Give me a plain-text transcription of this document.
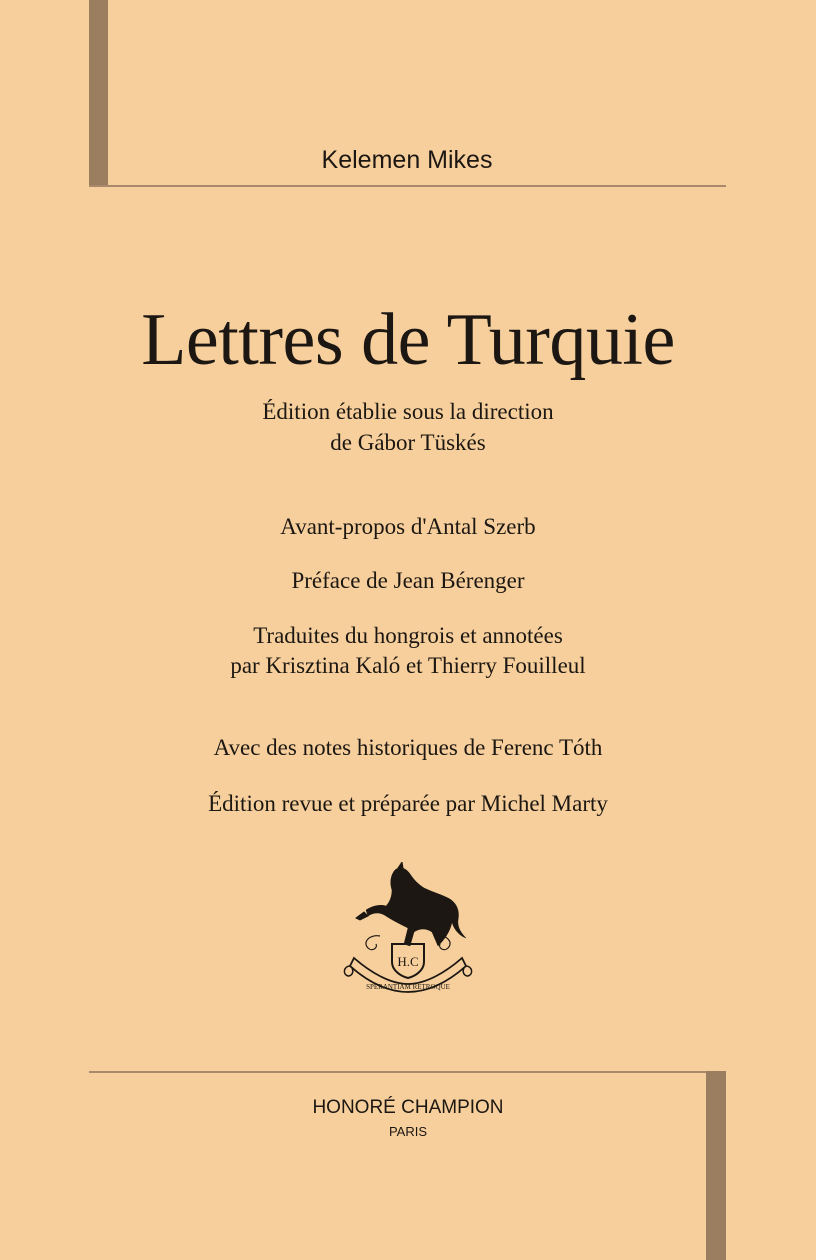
Kelemen Mikes
Lettres de Turquie
Édition établie sous la direction
de Gábor Tüskés
Avant-propos d'Antal Szerb
Préface de Jean Bérenger
Traduites du hongrois et annotées
par Krisztina Kaló et Thierry Fouilleul
Avec des notes historiques de Ferenc Tóth
Édition revue et préparée par Michel Marty
H.C
SPERANTIAM RETROQUE
HONORÉ CHAMPION
PARIS
